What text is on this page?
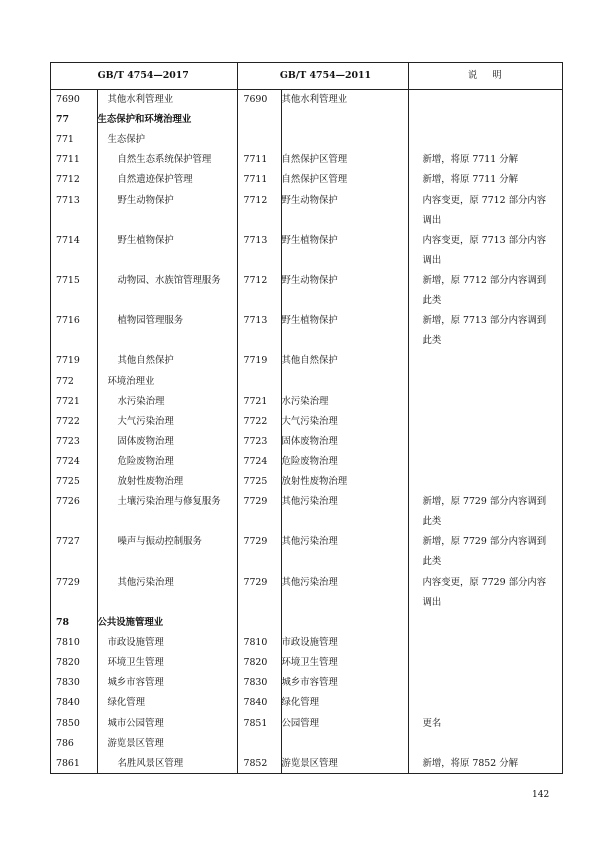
GB/T 4754—2017		GB/T 4754—2011		说 明
7690	其他水利管理业	7690	其他水利管理业	

77	生态保护和环境治理业			

771	生态保护			

7711	自然生态系统保护管理	7711	自然保护区管理	新增，将原 7711 分解

7712	自然遗迹保护管理	7711	自然保护区管理	新增，将原 7711 分解

7713	野生动物保护	7712	野生动物保护	内容变更，原 7712 部分内容调出

7714	野生植物保护	7713	野生植物保护	内容变更，原 7713 部分内容调出

7715	动物园、水族馆管理服务	7712	野生动物保护	新增，原 7712 部分内容调到此类

7716	植物园管理服务	7713	野生植物保护	新增，原 7713 部分内容调到此类

7719	其他自然保护	7719	其他自然保护	

772	环境治理业			

7721	水污染治理	7721	水污染治理	

7722	大气污染治理	7722	大气污染治理	

7723	固体废物治理	7723	固体废物治理	

7724	危险废物治理	7724	危险废物治理	

7725	放射性废物治理	7725	放射性废物治理	

7726	土壤污染治理与修复服务	7729	其他污染治理	新增，原 7729 部分内容调到此类

7727	噪声与振动控制服务	7729	其他污染治理	新增，原 7729 部分内容调到此类

7729	其他污染治理	7729	其他污染治理	内容变更，原 7729 部分内容调出

78	公共设施管理业			

7810	市政设施管理	7810	市政设施管理	

7820	环境卫生管理	7820	环境卫生管理	

7830	城乡市容管理	7830	城乡市容管理	

7840	绿化管理	7840	绿化管理	

7850	城市公园管理	7851	公园管理	更名

786	游览景区管理			

7861	名胜风景区管理	7852	游览景区管理	新增，将原 7852 分解
142
